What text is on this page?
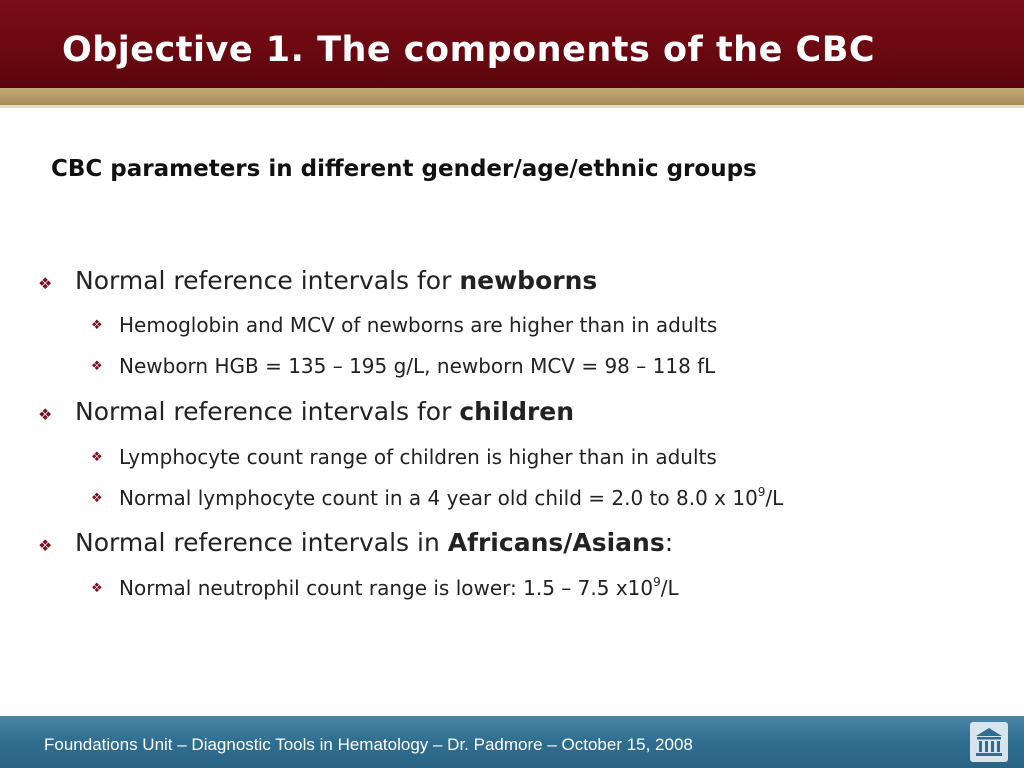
Objective 1. The components of the CBC
CBC parameters in different gender/age/ethnic groups
❖ Normal reference intervals for newborns
❖ Hemoglobin and MCV of newborns are higher than in adults
❖ Newborn HGB = 135 – 195 g/L, newborn MCV = 98 – 118 fL
❖ Normal reference intervals for children
❖ Lymphocyte count range of children is higher than in adults
❖ Normal lymphocyte count in a 4 year old child = 2.0 to 8.0 x $10^9/L$
❖ Normal reference intervals in Africans/Asians:
❖ Normal neutrophil count range is lower: 1.5 – 7.5 $x10^9/L$
Foundations Unit – Diagnostic Tools in Hematology – Dr. Padmore – October 15, 2008
